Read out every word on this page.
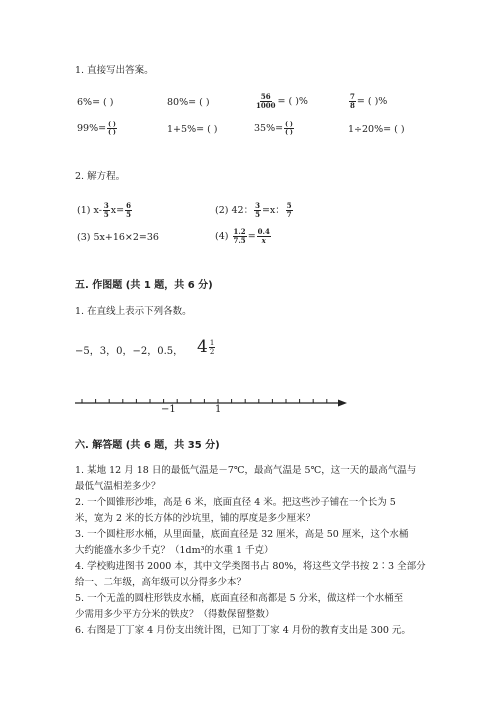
1. 直接写出答案。
6%= ( )	80%= ( )	$\frac{56}{1000}$ = ( )%	$\frac{7}{8}$ = ( )%
$99\%= \frac{( )}{( )}$	1+5%= ( )	$35\%= \frac{( )}{( )}$	1÷20%= ( )
2. 解方程。
(1) $x- \frac{3}{5} x= \frac{6}{5}$	(2) 42： $\frac{3}{5} =x$： $\frac{5}{7}$
(3) 5x+16×2=36	$(4) \frac{1.2}{7.5} = \frac{0.4}{x}$
五. 作图题 (共 1 题，共 6 分)
1. 在直线上表示下列各数。
−5，3，0，−2，0.5， $4 \frac{1}{2}$
−1	1
六. 解答题 (共 6 题，共 35 分)
1. 某地 12 月 18 日的最低气温是－7℃，最高气温是 5℃，这一天的最高气温与
最低气温相差多少？
2. 一个圆锥形沙堆，高是 6 米，底面直径 4 米。把这些沙子铺在一个长为 5
米，宽为 2 米的长方体的沙坑里，铺的厚度是多少厘米？
3. 一个圆柱形水桶，从里面量，底面直径是 32 厘米，高是 50 厘米，这个水桶
大约能盛水多少千克？（1dm³的水重 1 千克）
4. 学校购进图书 2000 本，其中文学类图书占 80%，将这些文学书按 2∶3 全部分
给一、二年级，高年级可以分得多少本？
5. 一个无盖的圆柱形铁皮水桶，底面直径和高都是 5 分米，做这样一个水桶至
少需用多少平方分米的铁皮？（得数保留整数）
6. 右图是丁丁家 4 月份支出统计图，已知丁丁家 4 月份的教育支出是 300 元。
